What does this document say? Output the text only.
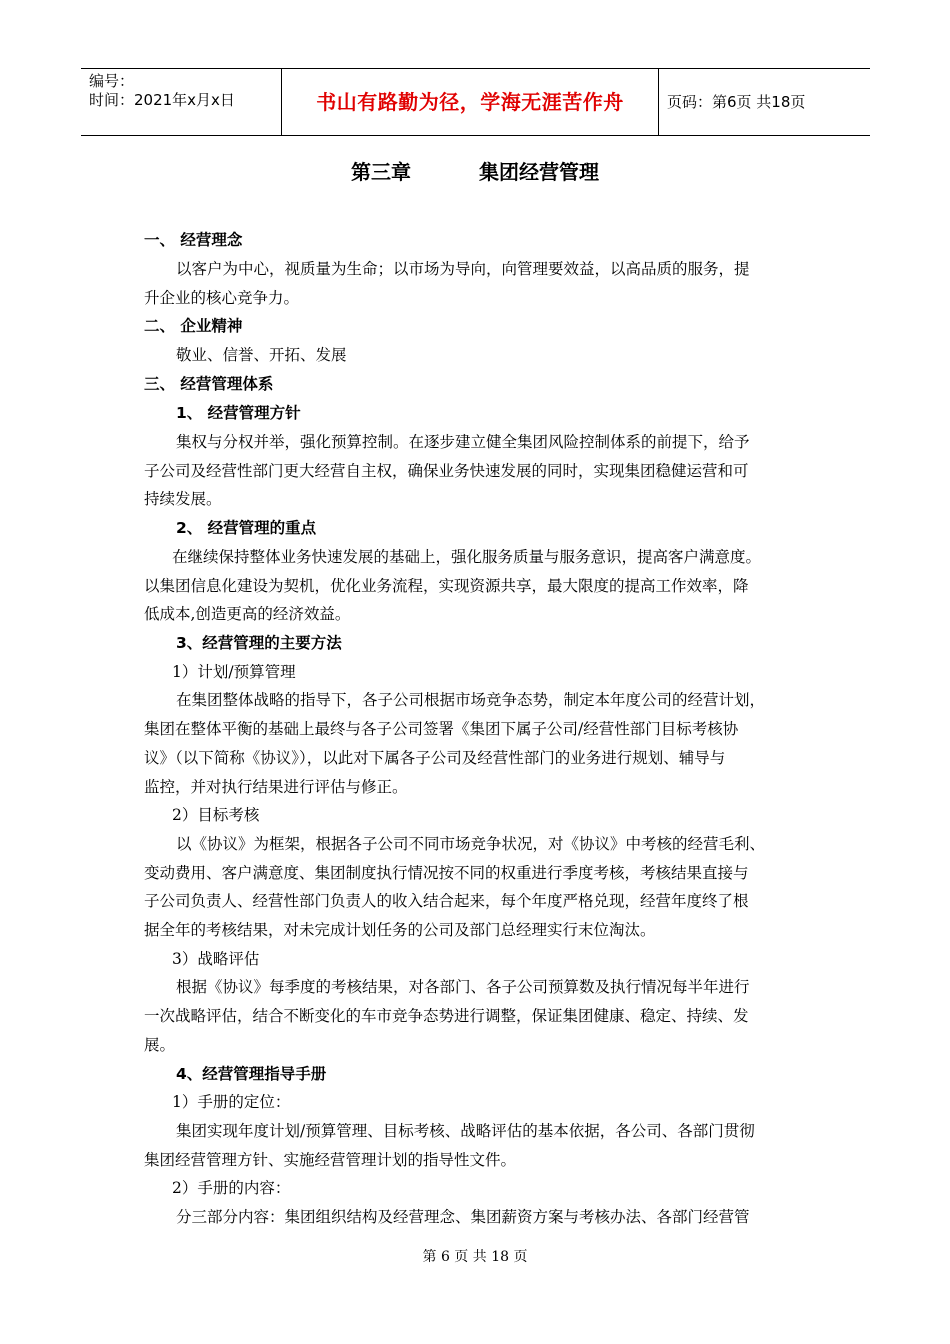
编号：
时间：2021年x月x日	书山有路勤为径，学海无涯苦作舟	页码：第6页 共18页
第三章	集团经营管理
一、 经营理念
以客户为中心，视质量为生命；以市场为导向，向管理要效益，以高品质的服务，提
升企业的核心竞争力。
二、 企业精神
敬业、信誉、开拓、发展
三、 经营管理体系
1、 经营管理方针
集权与分权并举，强化预算控制。在逐步建立健全集团风险控制体系的前提下，给予
子公司及经营性部门更大经营自主权，确保业务快速发展的同时，实现集团稳健运营和可
持续发展。
2、 经营管理的重点
在继续保持整体业务快速发展的基础上，强化服务质量与服务意识，提高客户满意度。
以集团信息化建设为契机，优化业务流程，实现资源共享，最大限度的提高工作效率，降
低成本,创造更高的经济效益。
3、经营管理的主要方法
1）计划/预算管理
在集团整体战略的指导下，各子公司根据市场竞争态势，制定本年度公司的经营计划，
集团在整体平衡的基础上最终与各子公司签署《集团下属子公司/经营性部门目标考核协
议》（以下简称《协议》），以此对下属各子公司及经营性部门的业务进行规划、辅导与
监控，并对执行结果进行评估与修正。
2）目标考核
以《协议》为框架，根据各子公司不同市场竞争状况，对《协议》中考核的经营毛利、
变动费用、客户满意度、集团制度执行情况按不同的权重进行季度考核，考核结果直接与
子公司负责人、经营性部门负责人的收入结合起来，每个年度严格兑现，经营年度终了根
据全年的考核结果，对未完成计划任务的公司及部门总经理实行末位淘汰。
3）战略评估
根据《协议》每季度的考核结果，对各部门、各子公司预算数及执行情况每半年进行
一次战略评估，结合不断变化的车市竞争态势进行调整，保证集团健康、稳定、持续、发
展。
4、经营管理指导手册
1）手册的定位：
集团实现年度计划/预算管理、目标考核、战略评估的基本依据，各公司、各部门贯彻
集团经营管理方针、实施经营管理计划的指导性文件。
2）手册的内容：
分三部分内容：集团组织结构及经营理念、集团薪资方案与考核办法、各部门经营管
第 6 页 共 18 页
